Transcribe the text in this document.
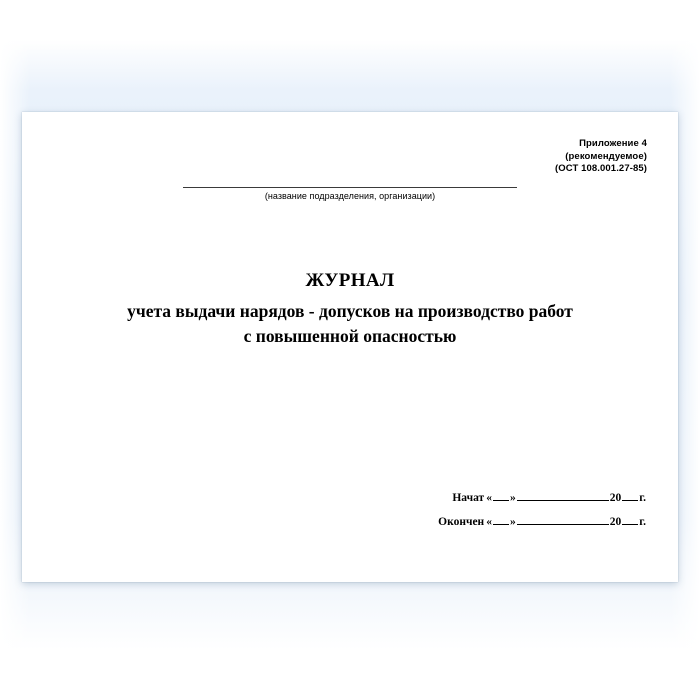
Приложение 4
(рекомендуемое)
(ОСТ 108.001.27-85)
(название подразделения, организации)
ЖУРНАЛ
учета выдачи нарядов - допусков на производство работ
с повышенной опасностью
Начат « »	20 г.
Окончен « »	20 г.
